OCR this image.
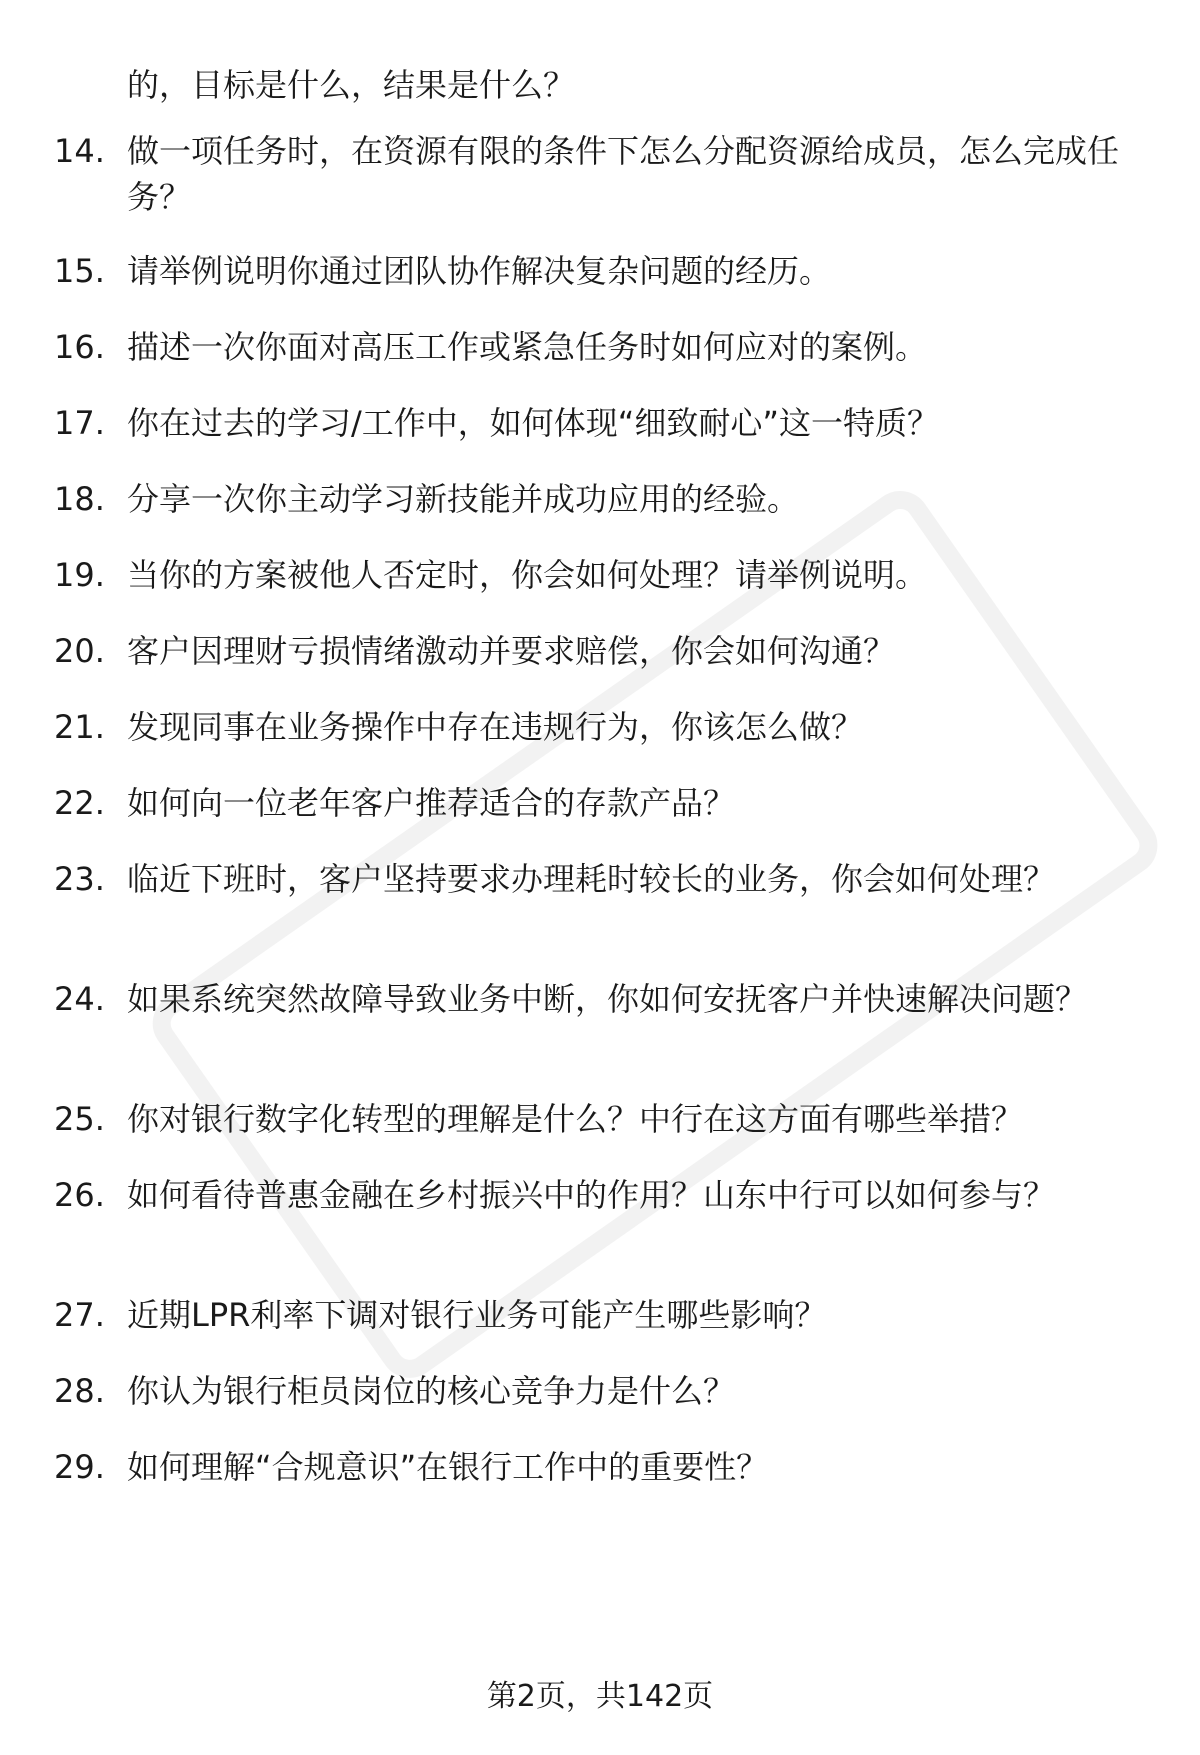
的，目标是什么，结果是什么？
14. 做一项任务时，在资源有限的条件下怎么分配资源给成员，怎么完成任务？
15. 请举例说明你通过团队协作解决复杂问题的经历。
16. 描述一次你面对高压工作或紧急任务时如何应对的案例。
17. 你在过去的学习/工作中，如何体现“细致耐心”这一特质？
18. 分享一次你主动学习新技能并成功应用的经验。
19. 当你的方案被他人否定时，你会如何处理？请举例说明。
20. 客户因理财亏损情绪激动并要求赔偿，你会如何沟通？
21. 发现同事在业务操作中存在违规行为，你该怎么做？
22. 如何向一位老年客户推荐适合的存款产品？
23. 临近下班时，客户坚持要求办理耗时较长的业务，你会如何处理？
24. 如果系统突然故障导致业务中断，你如何安抚客户并快速解决问题？
25. 你对银行数字化转型的理解是什么？中行在这方面有哪些举措？
26. 如何看待普惠金融在乡村振兴中的作用？山东中行可以如何参与？
27. 近期LPR利率下调对银行业务可能产生哪些影响？
28. 你认为银行柜员岗位的核心竞争力是什么？
29. 如何理解“合规意识”在银行工作中的重要性？
第2页，共142页
